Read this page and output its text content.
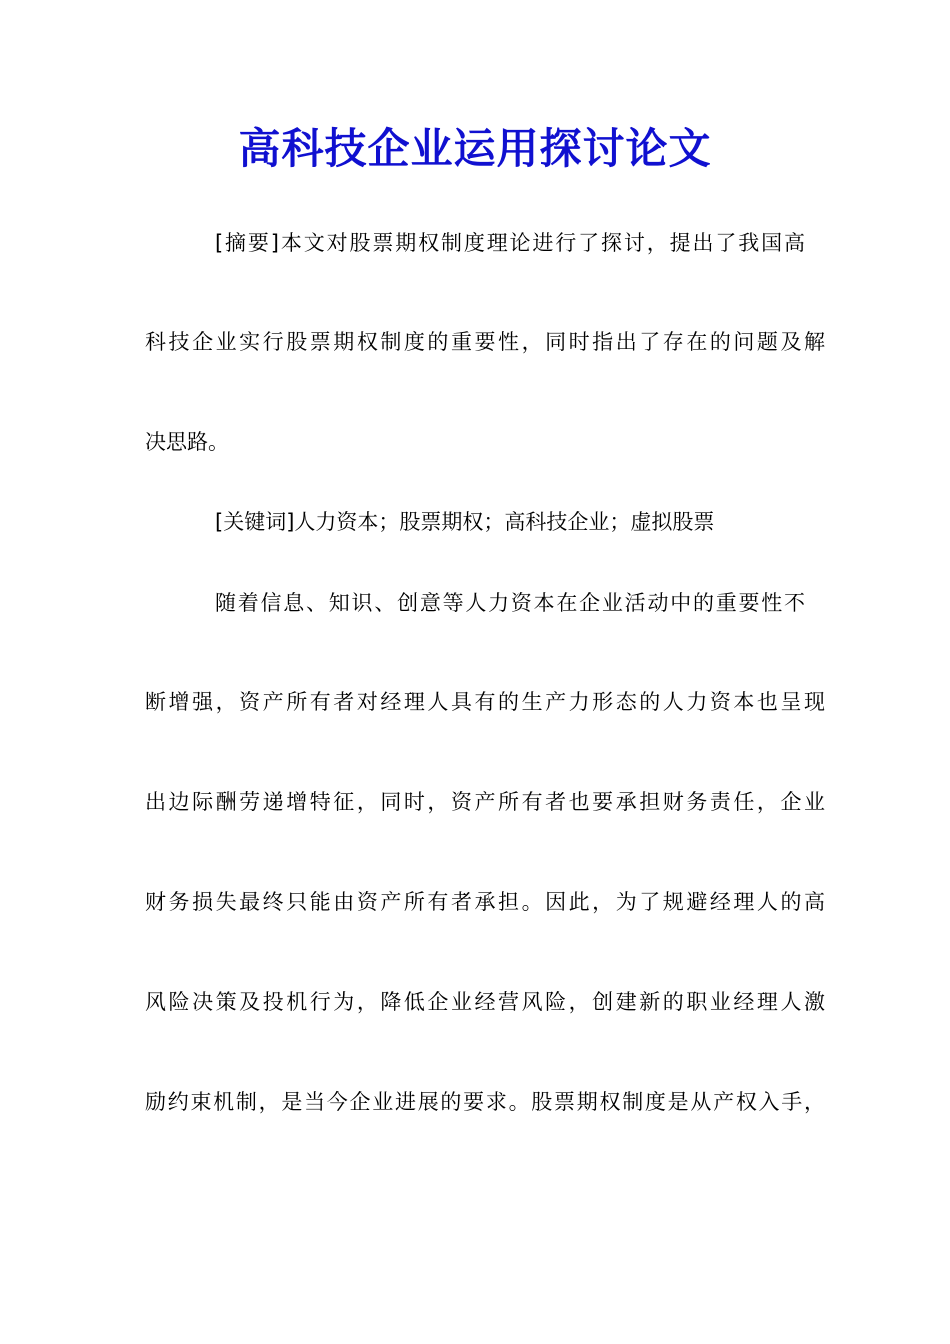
高科技企业运用探讨论文
[摘要]本文对股票期权制度理论进行了探讨，提出了我国高
科技企业实行股票期权制度的重要性，同时指出了存在的问题及解
决思路。
[关键词]人力资本；股票期权；高科技企业；虚拟股票
随着信息、知识、创意等人力资本在企业活动中的重要性不
断增强，资产所有者对经理人具有的生产力形态的人力资本也呈现
出边际酬劳递增特征，同时，资产所有者也要承担财务责任，企业
财务损失最终只能由资产所有者承担。因此，为了规避经理人的高
风险决策及投机行为，降低企业经营风险，创建新的职业经理人激
励约束机制，是当今企业进展的要求。股票期权制度是从产权入手，
